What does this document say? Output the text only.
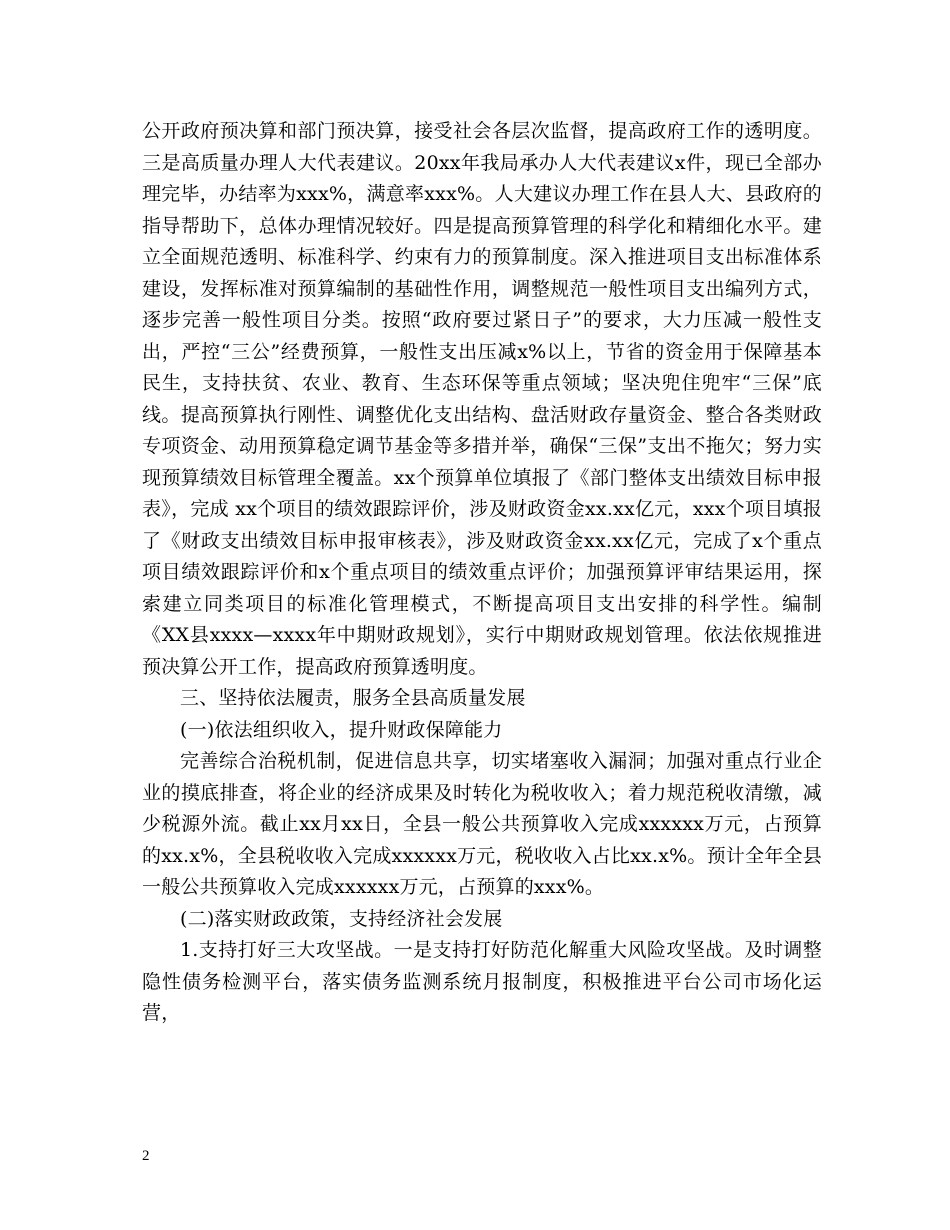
公开政府预决算和部门预决算，接受社会各层次监督，提高政府工作的透明度。三是高质量办理人大代表建议。20xx年我局承办人大代表建议x件，现已全部办理完毕，办结率为xxx%，满意率xxx%。人大建议办理工作在县人大、县政府的指导帮助下，总体办理情况较好。四是提高预算管理的科学化和精细化水平。建立全面规范透明、标准科学、约束有力的预算制度。深入推进项目支出标准体系建设，发挥标准对预算编制的基础性作用，调整规范一般性项目支出编列方式，逐步完善一般性项目分类。按照“政府要过紧日子”的要求，大力压减一般性支出，严控“三公”经费预算，一般性支出压减x%以上，节省的资金用于保障基本民生，支持扶贫、农业、教育、生态环保等重点领域；坚决兜住兜牢“三保”底线。提高预算执行刚性、调整优化支出结构、盘活财政存量资金、整合各类财政专项资金、动用预算稳定调节基金等多措并举，确保“三保”支出不拖欠；努力实现预算绩效目标管理全覆盖。xx个预算单位填报了《部门整体支出绩效目标申报表》，完成 xx个项目的绩效跟踪评价，涉及财政资金xx.xx亿元，xxx个项目填报了《财政支出绩效目标申报审核表》，涉及财政资金xx.xx亿元，完成了x个重点项目绩效跟踪评价和x个重点项目的绩效重点评价；加强预算评审结果运用，探索建立同类项目的标准化管理模式，不断提高项目支出安排的科学性。编制《XX县xxxx—xxxx年中期财政规划》，实行中期财政规划管理。依法依规推进预决算公开工作，提高政府预算透明度。

三、坚持依法履责，服务全县高质量发展

(一)依法组织收入，提升财政保障能力

完善综合治税机制，促进信息共享，切实堵塞收入漏洞；加强对重点行业企业的摸底排查，将企业的经济成果及时转化为税收收入；着力规范税收清缴，减少税源外流。截止xx月xx日，全县一般公共预算收入完成xxxxxx万元，占预算的xx.x%，全县税收收入完成xxxxxx万元，税收收入占比xx.x%。预计全年全县一般公共预算收入完成xxxxxx万元，占预算的xxx%。

(二)落实财政政策，支持经济社会发展

1.支持打好三大攻坚战。一是支持打好防范化解重大风险攻坚战。及时调整隐性债务检测平台，落实债务监测系统月报制度，积极推进平台公司市场化运营，

2
